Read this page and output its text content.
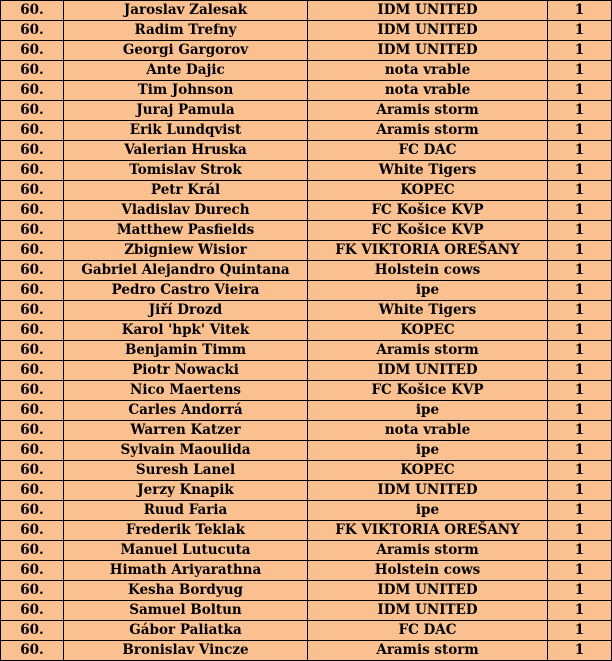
60.	Jaroslav Zalesak	IDM UNITED	1
60.	Radim Trefny	IDM UNITED	1
60.	Georgi Gargorov	IDM UNITED	1
60.	Ante Dajic	nota vrable	1
60.	Tim Johnson	nota vrable	1
60.	Juraj Pamula	Aramis storm	1
60.	Erik Lundqvist	Aramis storm	1
60.	Valerian Hruska	FC DAC	1
60.	Tomislav Strok	White Tigers	1
60.	Petr Král	KOPEC	1
60.	Vladislav Durech	FC Košice KVP	1
60.	Matthew Pasfields	FC Košice KVP	1
60.	Zbigniew Wisior	FK VIKTORIA OREŠANY	1
60.	Gabriel Alejandro Quintana	Holstein cows	1
60.	Pedro Castro Vieira	ipe	1
60.	Jiří Drozd	White Tigers	1
60.	Karol 'hpk' Vitek	KOPEC	1
60.	Benjamin Timm	Aramis storm	1
60.	Piotr Nowacki	IDM UNITED	1
60.	Nico Maertens	FC Košice KVP	1
60.	Carles Andorrá	ipe	1
60.	Warren Katzer	nota vrable	1
60.	Sylvain Maoulida	ipe	1
60.	Suresh Lanel	KOPEC	1
60.	Jerzy Knapik	IDM UNITED	1
60.	Ruud Faria	ipe	1
60.	Frederik Teklak	FK VIKTORIA OREŠANY	1
60.	Manuel Lutucuta	Aramis storm	1
60.	Himath Ariyarathna	Holstein cows	1
60.	Kesha Bordyug	IDM UNITED	1
60.	Samuel Boltun	IDM UNITED	1
60.	Gábor Paliatka	FC DAC	1
60.	Bronislav Vincze	Aramis storm	1
